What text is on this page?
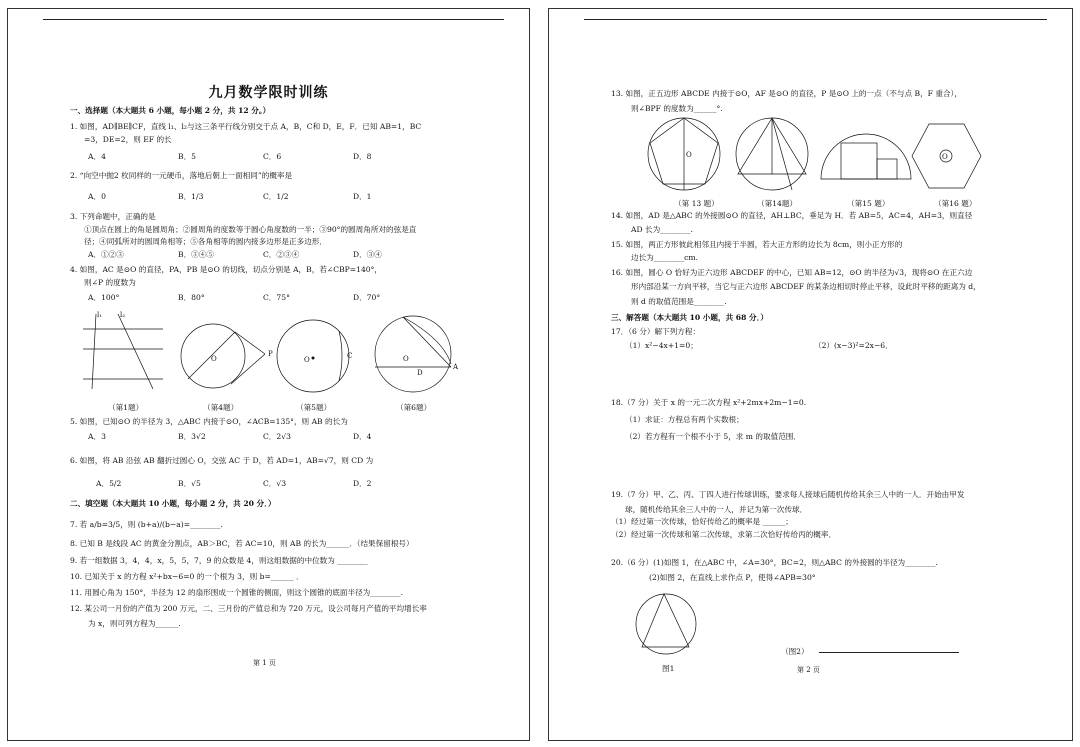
九月数学限时训练
一、选择题（本大题共 6 小题，每小题 2 分，共 12 分。）
1. 如图，AD∥BE∥CF，直线 l₁、l₂与这三条平行线分别交于点 A，B，C和 D，E，F．已知 AB=1，BC
=3，DE=2，则 EF 的长
A．4	B．5	C．6	D．8
2. “向空中抛2 枚同样的一元硬币，落地后朝上一面相同”的概率是
A．0	B．1/3	C．1/2	D．1
3. 下列命题中，正确的是
①顶点在圆上的角是圆周角；②圆周角的度数等于圆心角度数的一半；③90°的圆周角所对的弦是直
径；④同弧所对的圆周角相等；⑤各角相等的圆内接多边形是正多边形．
A．①②③	B．③④⑤	C．②③④	D．③④
4. 如图，AC 是⊙O 的直径，PA，PB 是⊙O 的切线，切点分别是 A，B，若∠CBP=140°，
则∠P 的度数为
A．100°	B．80°	C．75°	D．70°
l₁	l₂
P
O	O	C	O
D
A
（第1题）	（第4题）	（第5题）	（第6题）
5. 如图，已知⊙O 的半径为 3，△ABC 内接于⊙O，∠ACB=135°，则 AB 的长为
A．3	B．3√2	C．2√3	D．4
6. 如图，将 AB 沿弦 AB 翻折过圆心 O，交弦 AC 于 D，若 AD=1，AB=√7，则 CD 为
A．5/2	B．√5	C．√3	D．2
二、填空题（本大题共 10 小题，每小题 2 分，共 20 分．）
7. 若 a/b=3/5，则 (b+a)/(b−a)=________.
8. 已知 B 是线段 AC 的黄金分割点，AB＞BC，若 AC=10，则 AB 的长为______．（结果保留根号）
9. 若一组数据 3，4，4，x，5，5，7，9 的众数是 4，则这组数据的中位数为 ________
10. 已知关于 x 的方程 x²+bx−6=0 的一个根为 3，则 b=______ ．
11. 用圆心角为 150°，半径为 12 的扇形围成一个圆锥的侧面，则这个圆锥的底面半径为________.
12. 某公司一月份的产值为 200 万元，二、三月份的产值总和为 720 万元，设公司每月产值的平均增长率
为 x，则可列方程为______.
第 1 页
13. 如图，正五边形 ABCDE 内接于⊙O，AF 是⊙O 的直径，P 是⊙O 上的一点（不与点 B，F 重合），
则∠BPF 的度数为______°.
O	O
（第 13 题）	（第14题）	（第15 题）	（第16 题）
14. 如图，AD 是△ABC 的外接圆⊙O 的直径，AH⊥BC，垂足为 H．若 AB=5，AC=4，AH=3，则直径
AD 长为________.
15. 如图，两正方形彼此相邻且内接于半圆，若大正方形的边长为 8cm，则小正方形的
边长为________cm.
16. 如图，圆心 O 恰好为正六边形 ABCDEF 的中心，已知 AB=12，⊙O 的半径为√3，现将⊙O 在正六边
形内部沿某一方向平移，当它与正六边形 ABCDEF 的某条边相切时停止平移，设此时平移的距离为 d，
则 d 的取值范围是________.
三、解答题（本大题共 10 小题，共 68 分．）
17．（6 分）解下列方程：
（1）x²−4x+1=0；	（2）(x−3)²=2x−6．
18.（7 分）关于 x 的一元二次方程 x²+2mx+2m−1=0.
（1）求证：方程总有两个实数根；
（2）若方程有一个根不小于 5，求 m 的取值范围．
19.（7 分）甲、乙、丙、丁四人进行传球训练，要求每人接球后随机传给其余三人中的一人．开始由甲发
球，随机传给其余三人中的一人，并记为第一次传球．
（1）经过第一次传球，恰好传给乙的概率是 ______；
（2）经过第一次传球和第二次传球，求第二次恰好传给丙的概率．
20.（6 分）(1)如图 1，在△ABC 中，∠A=30°，BC=2，则△ABC 的外接圆的半径为________.
(2)如图 2，在直线上求作点 P，使得∠APB=30°
图1
（图2）
第 2 页
